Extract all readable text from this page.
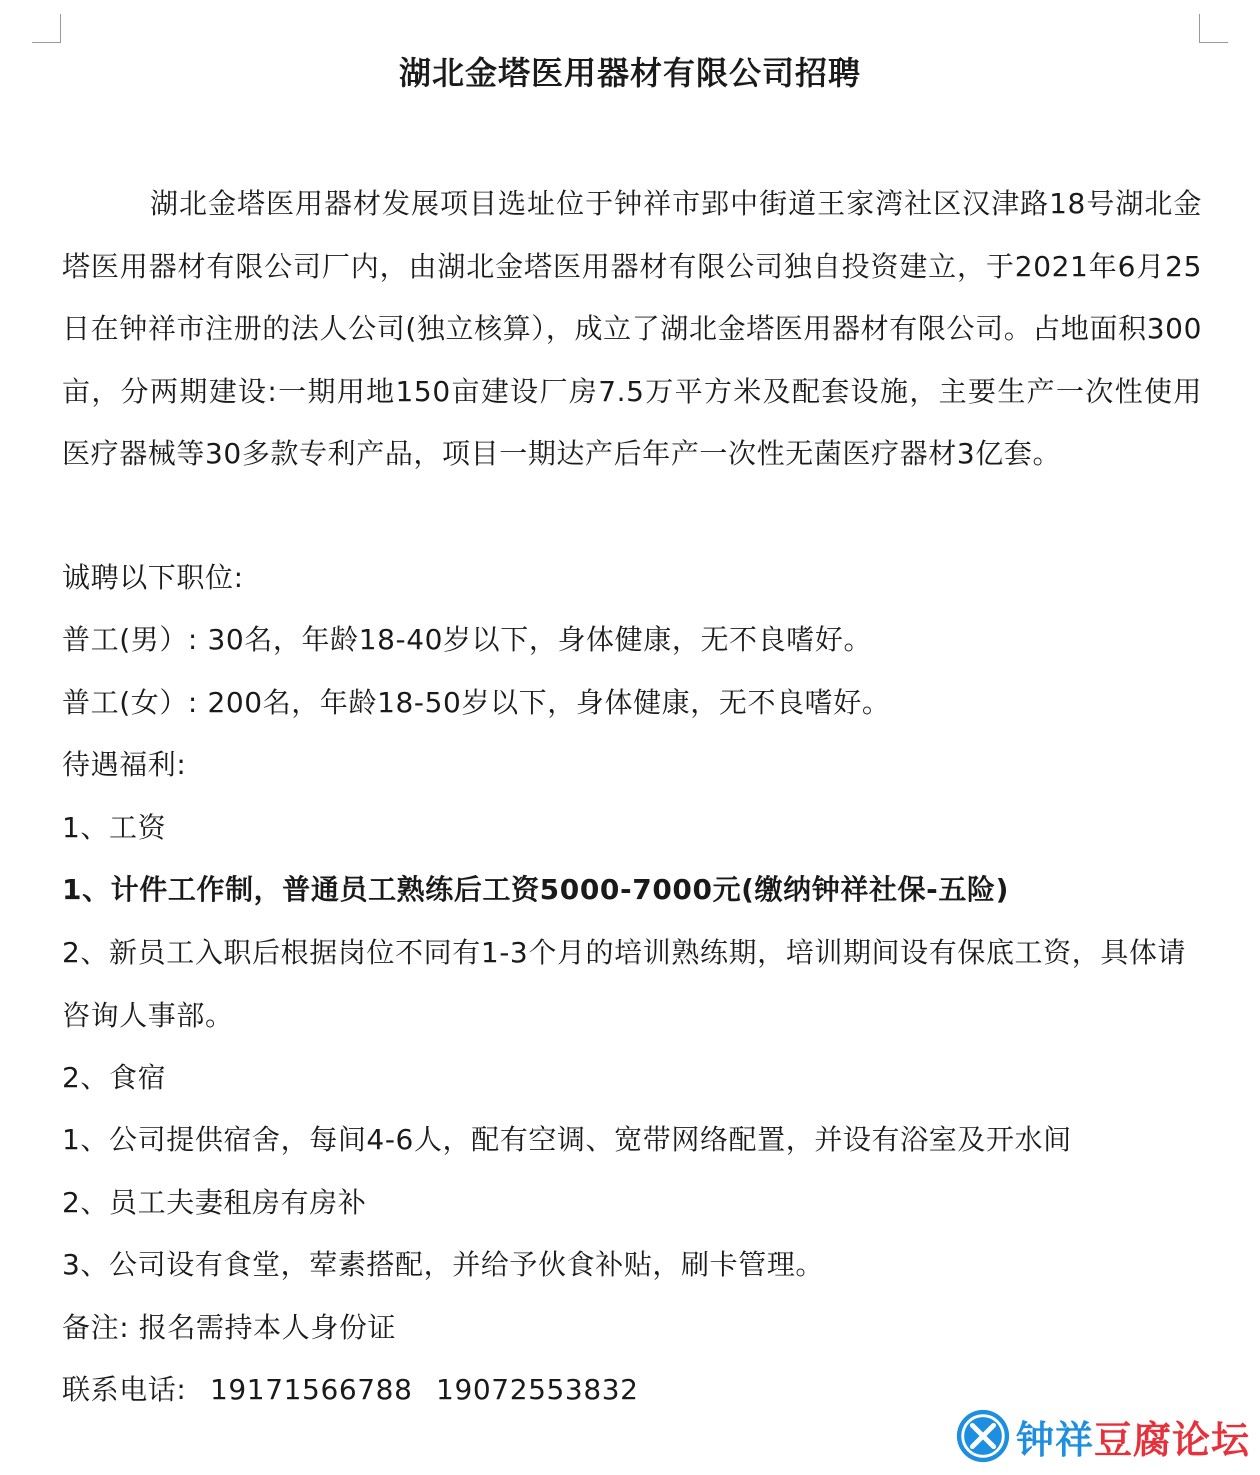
湖北金塔医用器材有限公司招聘

湖北金塔医用器材发展项目选址位于钟祥市郢中街道王家湾社区汉津路18号湖北金塔医用器材有限公司厂内，由湖北金塔医用器材有限公司独自投资建立，于2021年6月25日在钟祥市注册的法人公司(独立核算），成立了湖北金塔医用器材有限公司。占地面积300亩，分两期建设:一期用地150亩建设厂房7.5万平方米及配套设施，主要生产一次性使用医疗器械等30多款专利产品，项目一期达产后年产一次性无菌医疗器材3亿套。

诚聘以下职位:

普工(男）: 30名，年龄18-40岁以下，身体健康，无不良嗜好。

普工(女）: 200名，年龄18-50岁以下，身体健康，无不良嗜好。

待遇福利:

1、工资

1、计件工作制，普通员工熟练后工资5000-7000元(缴纳钟祥社保-五险)

2、新员工入职后根据岗位不同有1-3个月的培训熟练期，培训期间设有保底工资，具体请咨询人事部。

2、食宿

1、公司提供宿舍，每间4-6人，配有空调、宽带网络配置，并设有浴室及开水间

2、员工夫妻租房有房补

3、公司设有食堂，荤素搭配，并给予伙食补贴，刷卡管理。

备注: 报名需持本人身份证

联系电话: 19171566788 19072553832

钟祥豆腐论坛
